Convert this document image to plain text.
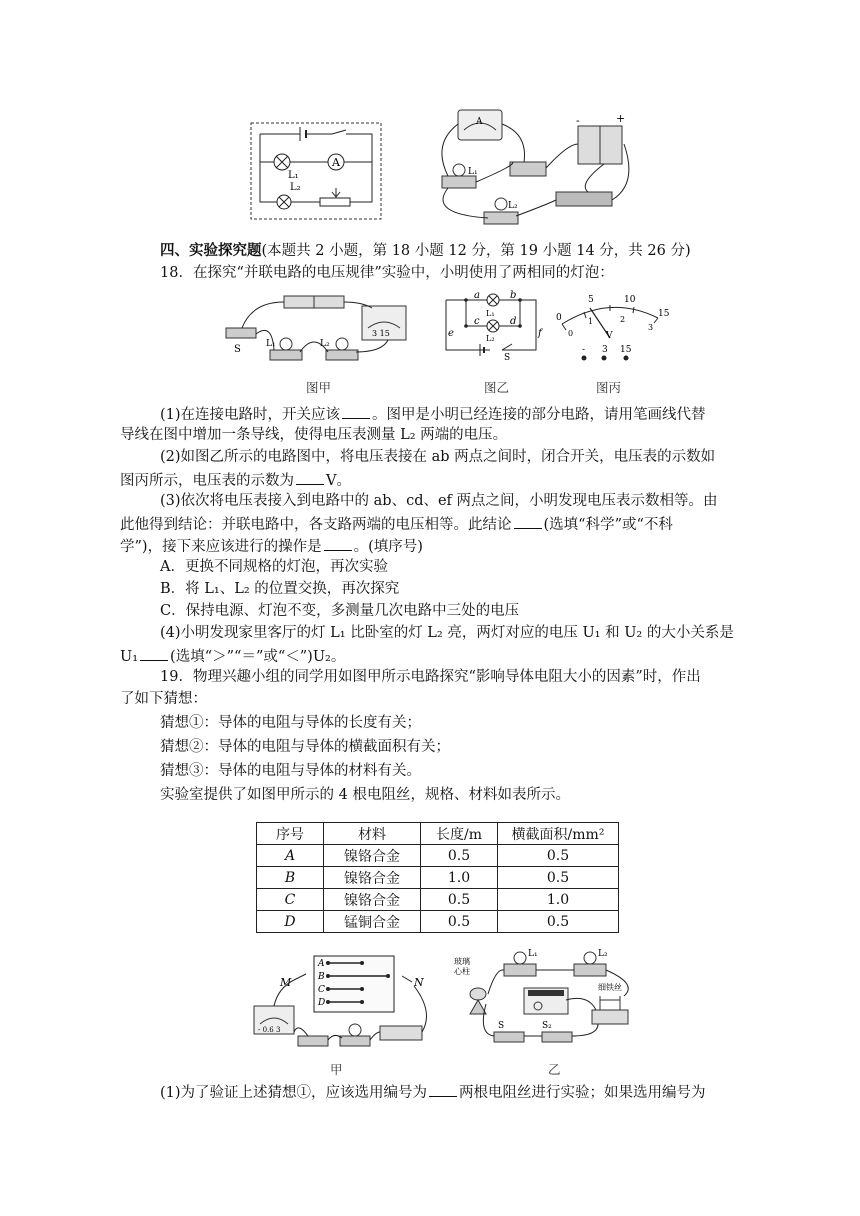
A
L₁
L₂
A	-	+
L₁
L₂
四、实验探究题(本题共 2 小题，第 18 小题 12 分，第 19 小题 14 分，共 26 分)
18．在探究“并联电路的电压规律”实验中，小明使用了两相同的灯泡：
3 15
S	L₁	L₂
图甲
a	b
L₁
c	d
L₂
e	f
S
图乙
5	10
15
0
0
1	2
3
V
- 3 15
图丙
(1)在连接电路时，开关应该 。图甲是小明已经连接的部分电路，请用笔画线代替
导线在图中增加一条导线，使得电压表测量 L₂ 两端的电压。
(2)如图乙所示的电路图中，将电压表接在 ab 两点之间时，闭合开关，电压表的示数如
图丙所示，电压表的示数为 V。
(3)依次将电压表接入到电路中的 ab、cd、ef 两点之间，小明发现电压表示数相等。由
此他得到结论：并联电路中，各支路两端的电压相等。此结论 (选填“科学”或“不科
学”)，接下来应该进行的操作是 。(填序号)
A．更换不同规格的灯泡，再次实验
B．将 L₁、L₂ 的位置交换，再次探究
C．保持电源、灯泡不变，多测量几次电路中三处的电压
(4)小明发现家里客厅的灯 L₁ 比卧室的灯 L₂ 亮，两灯对应的电压 U₁ 和 U₂ 的大小关系是
U₁ (选填“＞”“＝”或“＜”)U₂。
19．物理兴趣小组的同学用如图甲所示电路探究“影响导体电阻大小的因素”时，作出
了如下猜想：
猜想①：导体的电阻与导体的长度有关；
猜想②：导体的电阻与导体的横截面积有关；
猜想③：导体的电阻与导体的材料有关。
实验室提供了如图甲所示的 4 根电阻丝，规格、材料如表所示。
序号	材料	长度/m	横截面积/mm²
A	镍铬合金	0.5	0.5
B	镍铬合金	1.0	0.5
C	镍铬合金	0.5	1.0
D	锰铜合金	0.5	0.5
A
B
C
D
M	N
- 0.6 3
甲
玻璃
心柱
L₁	L₂
S	S₂
细铁丝
乙
(1)为了验证上述猜想①，应该选用编号为 两根电阻丝进行实验；如果选用编号为
